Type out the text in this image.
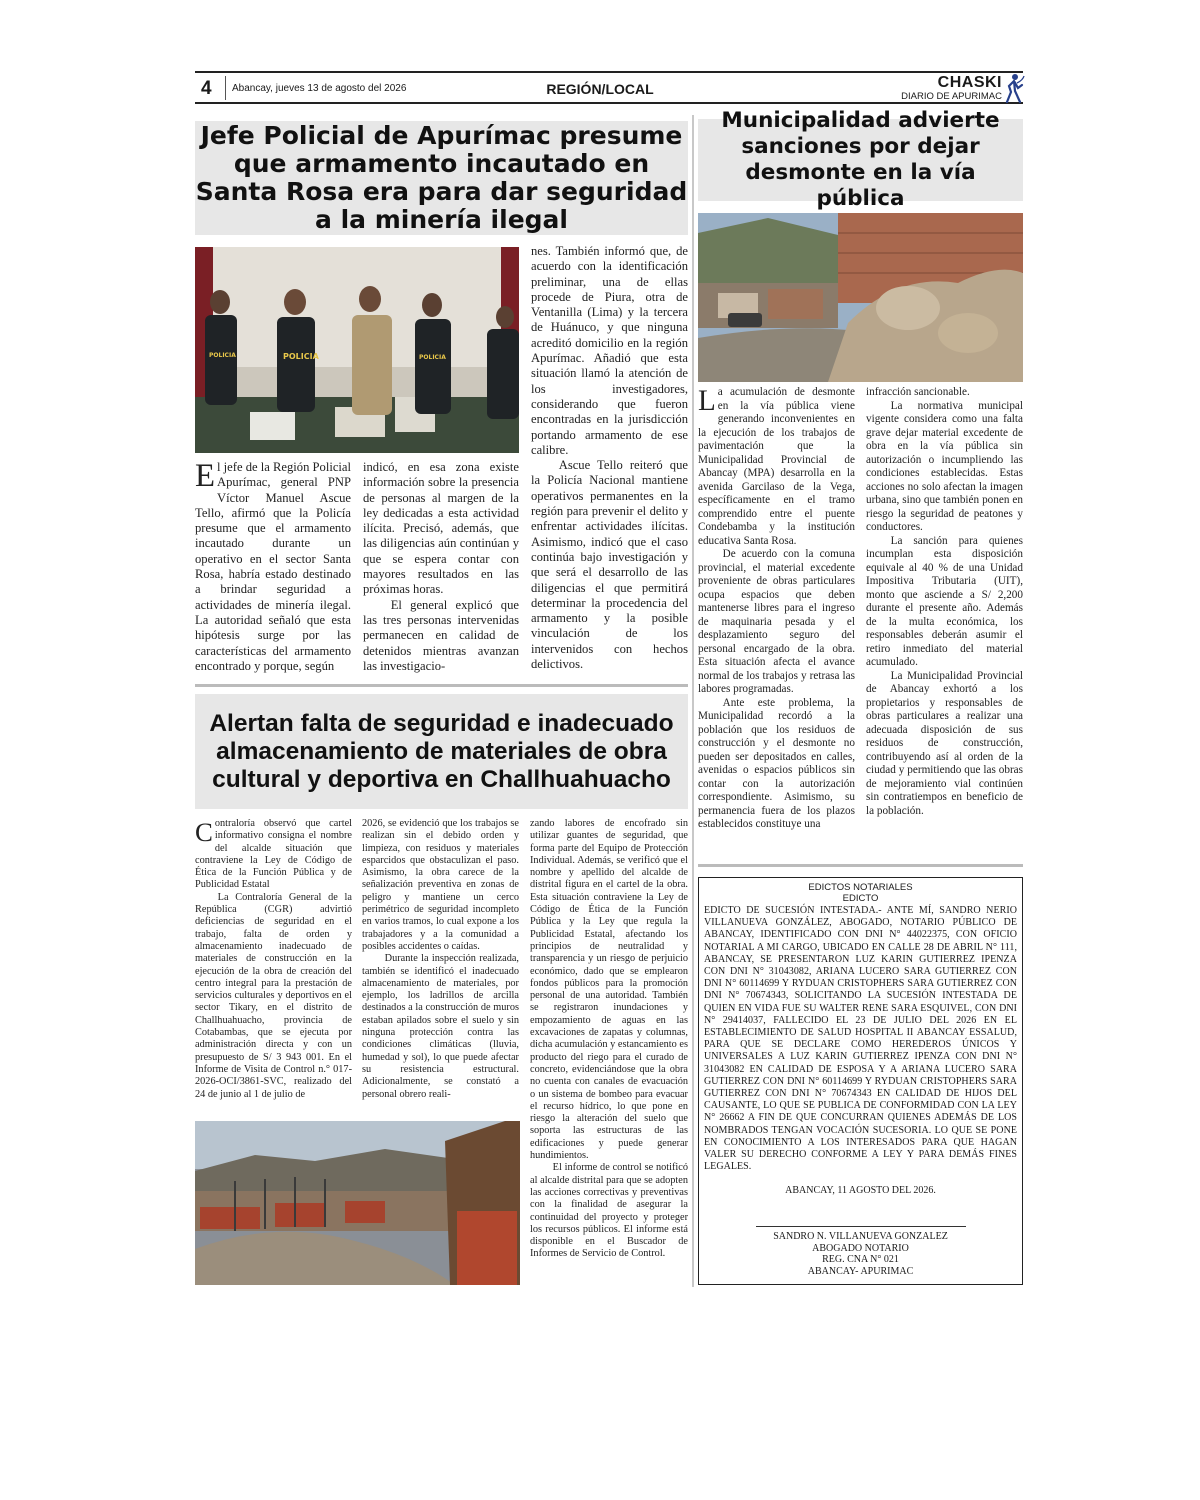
4 Abancay, jueves 13 de agosto del 2026	REGIÓN/LOCAL	CHASKI
DIARIO DE APURIMAC
Jefe Policial de Apurímac presume que armamento incautado en Santa Rosa era para dar seguridad a la minería ilegal
POLICIA	POLICIA
POLICIA

El jefe de la Región Policial Apurímac, general PNP Víctor Manuel Ascue Tello, afirmó que la Policía presume que el armamento incautado durante un operativo en el sector Santa Rosa, habría estado destinado a brindar seguridad a actividades de minería ilegal. La autoridad señaló que esta hipótesis surge por las características del armamento encontrado y porque, según

indicó, en esa zona existe información sobre la presencia de personas al margen de la ley dedicadas a esta actividad ilícita. Precisó, además, que las diligencias aún continúan y que se espera contar con mayores resultados en las próximas horas.

El general explicó que las tres personas intervenidas permanecen en calidad de detenidos mientras avanzan las investigacio-

nes. También informó que, de acuerdo con la identificación preliminar, una de ellas procede de Piura, otra de Ventanilla (Lima) y la tercera de Huánuco, y que ninguna acreditó domicilio en la región Apurímac. Añadió que esta situación llamó la atención de los investigadores, considerando que fueron encontradas en la jurisdicción portando armamento de ese calibre.

Ascue Tello reiteró que la Policía Nacional mantiene operativos permanentes en la región para prevenir el delito y enfrentar actividades ilícitas. Asimismo, indicó que el caso continúa bajo investigación y que será el desarrollo de las diligencias el que permitirá determinar la procedencia del armamento y la posible vinculación de los intervenidos con hechos delictivos.

Alertan falta de seguridad e inadecuado almacenamiento de materiales de obra cultural y deportiva en Challhuahuacho

Contraloría observó que cartel informativo consigna el nombre del alcalde situación que contraviene la Ley de Código de Ética de la Función Pública y de Publicidad Estatal

La Contraloría General de la República (CGR) advirtió deficiencias de seguridad en el trabajo, falta de orden y almacenamiento inadecuado de materiales de construcción en la ejecución de la obra de creación del centro integral para la prestación de servicios culturales y deportivos en el sector Tikary, en el distrito de Challhuahuacho, provincia de Cotabambas, que se ejecuta por administración directa y con un presupuesto de S/ 3 943 001. En el Informe de Visita de Control n.° 017-2026-OCI/3861-SVC, realizado del 24 de junio al 1 de julio de

2026, se evidenció que los trabajos se realizan sin el debido orden y limpieza, con residuos y materiales esparcidos que obstaculizan el paso. Asimismo, la obra carece de la señalización preventiva en zonas de peligro y mantiene un cerco perimétrico de seguridad incompleto en varios tramos, lo cual expone a los trabajadores y a la comunidad a posibles accidentes o caídas.

Durante la inspección realizada, también se identificó el inadecuado almacenamiento de materiales, por ejemplo, los ladrillos de arcilla destinados a la construcción de muros estaban apilados sobre el suelo y sin ninguna protección contra las condiciones climáticas (lluvia, humedad y sol), lo que puede afectar su resistencia estructural. Adicionalmente, se constató a personal obrero reali-

zando labores de encofrado sin utilizar guantes de seguridad, que forma parte del Equipo de Protección Individual. Además, se verificó que el nombre y apellido del alcalde de distrital figura en el cartel de la obra. Esta situación contraviene la Ley de Código de Ética de la Función Pública y la Ley que regula la Publicidad Estatal, afectando los principios de neutralidad y transparencia y un riesgo de perjuicio económico, dado que se emplearon fondos públicos para la promoción personal de una autoridad. También se registraron inundaciones y empozamiento de aguas en las excavaciones de zapatas y columnas, dicha acumulación y estancamiento es producto del riego para el curado de concreto, evidenciándose que la obra no cuenta con canales de evacuación o un sistema de bombeo para evacuar el recurso hídrico, lo que pone en riesgo la alteración del suelo que soporta las estructuras de las edificaciones y puede generar hundimientos.

El informe de control se notificó al alcalde distrital para que se adopten las acciones correctivas y preventivas con la finalidad de asegurar la continuidad del proyecto y proteger los recursos públicos. El informe está disponible en el Buscador de Informes de Servicio de Control.

Municipalidad advierte sanciones por dejar desmonte en la vía pública

La acumulación de desmonte en la vía pública viene generando inconvenientes en la ejecución de los trabajos de pavimentación que la Municipalidad Provincial de Abancay (MPA) desarrolla en la avenida Garcilaso de la Vega, específicamente en el tramo comprendido entre el puente Condebamba y la institución educativa Santa Rosa.

De acuerdo con la comuna provincial, el material excedente proveniente de obras particulares ocupa espacios que deben mantenerse libres para el ingreso de maquinaria pesada y el desplazamiento seguro del personal encargado de la obra. Esta situación afecta el avance normal de los trabajos y retrasa las labores programadas.

Ante este problema, la Municipalidad recordó a la población que los residuos de construcción y el desmonte no pueden ser depositados en calles, avenidas o espacios públicos sin contar con la autorización correspondiente. Asimismo, su permanencia fuera de los plazos establecidos constituye una

infracción sancionable.

La normativa municipal vigente considera como una falta grave dejar material excedente de obra en la vía pública sin autorización o incumpliendo las condiciones establecidas. Estas acciones no solo afectan la imagen urbana, sino que también ponen en riesgo la seguridad de peatones y conductores.

La sanción para quienes incumplan esta disposición equivale al 40 % de una Unidad Impositiva Tributaria (UIT), monto que asciende a S/ 2,200 durante el presente año. Además de la multa económica, los responsables deberán asumir el retiro inmediato del material acumulado.

La Municipalidad Provincial de Abancay exhortó a los propietarios y responsables de obras particulares a realizar una adecuada disposición de sus residuos de construcción, contribuyendo así al orden de la ciudad y permitiendo que las obras de mejoramiento vial continúen sin contratiempos en beneficio de la población.

EDICTOS NOTARIALES
EDICTO
EDICTO DE SUCESIÓN INTESTADA.- ANTE MÍ, SANDRO NERIO VILLANUEVA GONZÁLEZ, ABOGADO, NOTARIO PÚBLICO DE ABANCAY, IDENTIFICADO CON DNI N° 44022375, CON OFICIO NOTARIAL A MI CARGO, UBICADO EN CALLE 28 DE ABRIL N° 111, ABANCAY, SE PRESENTARON LUZ KARIN GUTIERREZ IPENZA CON DNI N° 31043082, ARIANA LUCERO SARA GUTIERREZ CON DNI N° 60114699 Y RYDUAN CRISTOPHERS SARA GUTIERREZ CON DNI N° 70674343, SOLICITANDO LA SUCESIÓN INTESTADA DE QUIEN EN VIDA FUE SU WALTER RENE SARA ESQUIVEL, CON DNI N° 29414037, FALLECIDO EL 23 DE JULIO DEL 2026 EN EL ESTABLECIMIENTO DE SALUD HOSPITAL II ABANCAY ESSALUD, PARA QUE SE DECLARE COMO HEREDEROS ÚNICOS Y UNIVERSALES A LUZ KARIN GUTIERREZ IPENZA CON DNI N° 31043082 EN CALIDAD DE ESPOSA Y A ARIANA LUCERO SARA GUTIERREZ CON DNI N° 60114699 Y RYDUAN CRISTOPHERS SARA GUTIERREZ CON DNI N° 70674343 EN CALIDAD DE HIJOS DEL CAUSANTE, LO QUE SE PUBLICA DE CONFORMIDAD CON LA LEY N° 26662 A FIN DE QUE CONCURRAN QUIENES ADEMÁS DE LOS NOMBRADOS TENGAN VOCACIÓN SUCESORIA. LO QUE SE PONE EN CONOCIMIENTO A LOS INTERESADOS PARA QUE HAGAN VALER SU DERECHO CONFORME A LEY Y PARA DEMÁS FINES LEGALES.
ABANCAY, 11 AGOSTO DEL 2026.
SANDRO N. VILLANUEVA GONZALEZ
ABOGADO NOTARIO
REG. CNA N° 021
ABANCAY- APURIMAC
